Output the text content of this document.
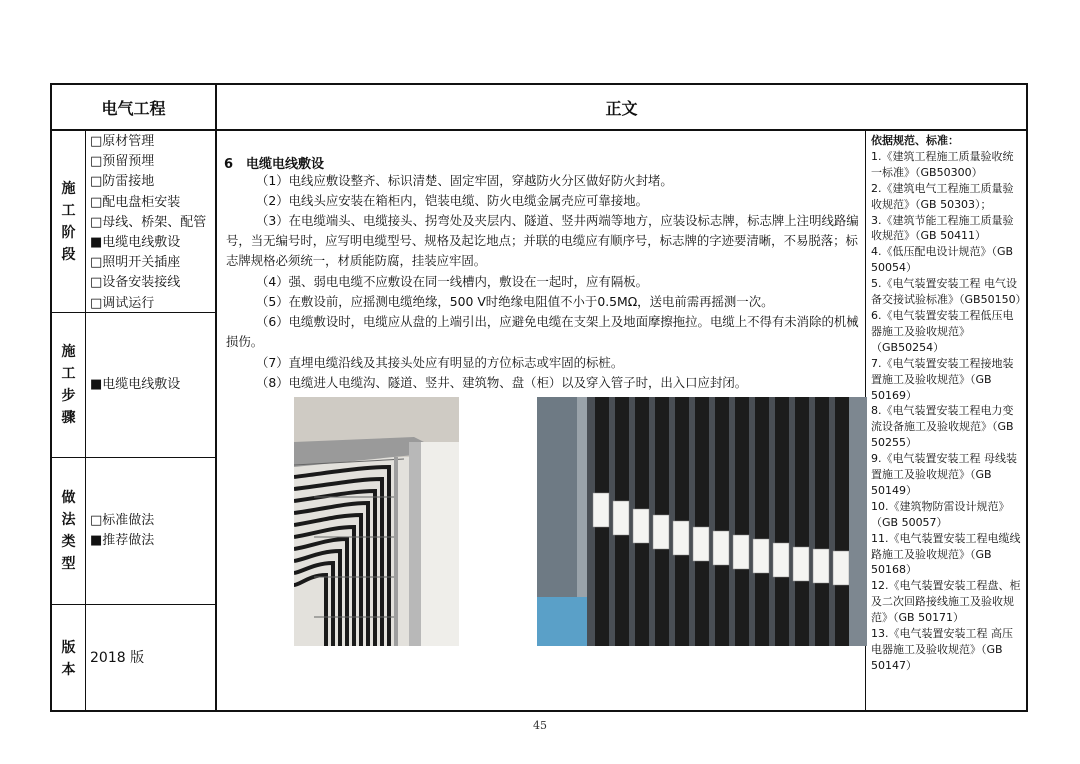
电气工程	正文
施工阶段
□原材管理
□预留预埋
□防雷接地
□配电盘柜安装
□母线、桥架、配管
■电缆电线敷设
□照明开关插座
□设备安装接线
□调试运行
施工步骤
■电缆电线敷设
做法类型
□标准做法
■推荐做法
版本
2018 版
6　电缆电线敷设
（1）电线应敷设整齐、标识清楚、固定牢固，穿越防火分区做好防火封堵。
（2）电线头应安装在箱柜内，铠装电缆、防火电缆金属壳应可靠接地。
（3）在电缆端头、电缆接头、拐弯处及夹层内、隧道、竖井两端等地方，应装设标志牌，标志牌上注明线路编号，当无编号时，应写明电缆型号、规格及起讫地点；并联的电缆应有顺序号，标志牌的字迹要清晰，不易脱落；标志牌规格必须统一，材质能防腐，挂装应牢固。
（4）强、弱电电缆不应敷设在同一线槽内，敷设在一起时，应有隔板。
（5）在敷设前，应摇测电缆绝缘，500 V时绝缘电阻值不小于0.5MΩ，送电前需再摇测一次。
（6）电缆敷设时，电缆应从盘的上端引出，应避免电缆在支架上及地面摩擦拖拉。电缆上不得有未消除的机械损伤。
（7）直埋电缆沿线及其接头处应有明显的方位标志或牢固的标桩。
（8）电缆进人电缆沟、隧道、竖井、建筑物、盘（柜）以及穿入管子时，出入口应封闭。
依据规范、标准：
1.《建筑工程施工质量验收统一标准》（GB50300）
2.《建筑电气工程施工质量验收规范》（GB 50303）；
3.《建筑节能工程施工质量验收规范》（GB 50411）
4.《低压配电设计规范》（GB 50054）
5.《电气装置安装工程 电气设备交接试验标准》（GB50150）
6.《电气装置安装工程低压电器施工及验收规范》（GB50254）
7.《电气装置安装工程接地装置施工及验收规范》（GB 50169）
8.《电气装置安装工程电力变流设备施工及验收规范》（GB 50255）
9.《电气装置安装工程 母线装置施工及验收规范》（GB 50149）
10.《建筑物防雷设计规范》（GB 50057）
11.《电气装置安装工程电缆线路施工及验收规范》（GB 50168）
12.《电气装置安装工程盘、柜及二次回路接线施工及验收规范》（GB 50171）
13.《电气装置安装工程 高压电器施工及验收规范》（GB 50147）
45
